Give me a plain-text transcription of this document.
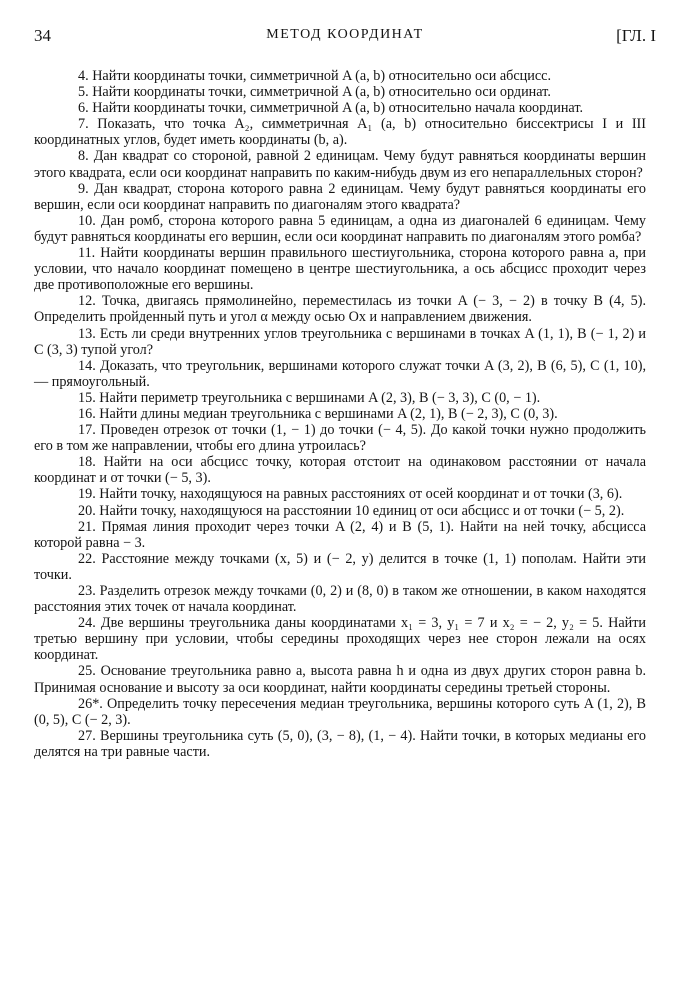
34	МЕТОД КООРДИНАТ	[ГЛ. I

4. Найти координаты точки, симметричной A (a, b) относительно оси абсцисс.

5. Найти координаты точки, симметричной A (a, b) относительно оси ординат.

6. Найти координаты точки, симметричной A (a, b) относительно начала координат.

7. Показать, что точка A₂, симметричная A₁ (a, b) относительно биссектрисы I и III координатных углов, будет иметь координаты (b, a).

8. Дан квадрат со стороной, равной 2 единицам. Чему будут равняться координаты вершин этого квадрата, если оси координат направить по каким-нибудь двум из его непараллельных сторон?

9. Дан квадрат, сторона которого равна 2 единицам. Чему будут равняться координаты его вершин, если оси координат направить по диагоналям этого квадрата?

10. Дан ромб, сторона которого равна 5 единицам, а одна из диагоналей 6 единицам. Чему будут равняться координаты его вершин, если оси координат направить по диагоналям этого ромба?

11. Найти координаты вершин правильного шестиугольника, сторона которого равна a, при условии, что начало координат помещено в центре шестиугольника, а ось абсцисс проходит через две противоположные его вершины.

12. Точка, двигаясь прямолинейно, переместилась из точки A (− 3, − 2) в точку B (4, 5). Определить пройденный путь и угол α между осью Ox и направлением движения.

13. Есть ли среди внутренних углов треугольника с вершинами в точках A (1, 1), B (− 1, 2) и C (3, 3) тупой угол?

14. Доказать, что треугольник, вершинами которого служат точки A (3, 2), B (6, 5), C (1, 10),— прямоугольный.

15. Найти периметр треугольника с вершинами A (2, 3), B (− 3, 3), C (0, − 1).

16. Найти длины медиан треугольника с вершинами A (2, 1), B (− 2, 3), C (0, 3).

17. Проведен отрезок от точки (1, − 1) до точки (− 4, 5). До какой точки нужно продолжить его в том же направлении, чтобы его длина утроилась?

18. Найти на оси абсцисс точку, которая отстоит на одинаковом расстоянии от начала координат и от точки (− 5, 3).

19. Найти точку, находящуюся на равных расстояниях от осей координат и от точки (3, 6).

20. Найти точку, находящуюся на расстоянии 10 единиц от оси абсцисс и от точки (− 5, 2).

21. Прямая линия проходит через точки A (2, 4) и B (5, 1). Найти на ней точку, абсцисса которой равна − 3.

22. Расстояние между точками (x, 5) и (− 2, y) делится в точке (1, 1) пополам. Найти эти точки.

23. Разделить отрезок между точками (0, 2) и (8, 0) в таком же отношении, в каком находятся расстояния этих точек от начала координат.

24. Две вершины треугольника даны координатами x₁ = 3, y₁ = 7 и x₂ = − 2, y₂ = 5. Найти третью вершину при условии, чтобы середины проходящих через нее сторон лежали на осях координат.

25. Основание треугольника равно a, высота равна h и одна из двух других сторон равна b. Принимая основание и высоту за оси координат, найти координаты середины третьей стороны.

26*. Определить точку пересечения медиан треугольника, вершины которого суть A (1, 2), B (0, 5), C (− 2, 3).

27. Вершины треугольника суть (5, 0), (3, − 8), (1, − 4). Найти точки, в которых медианы его делятся на три равные части.
